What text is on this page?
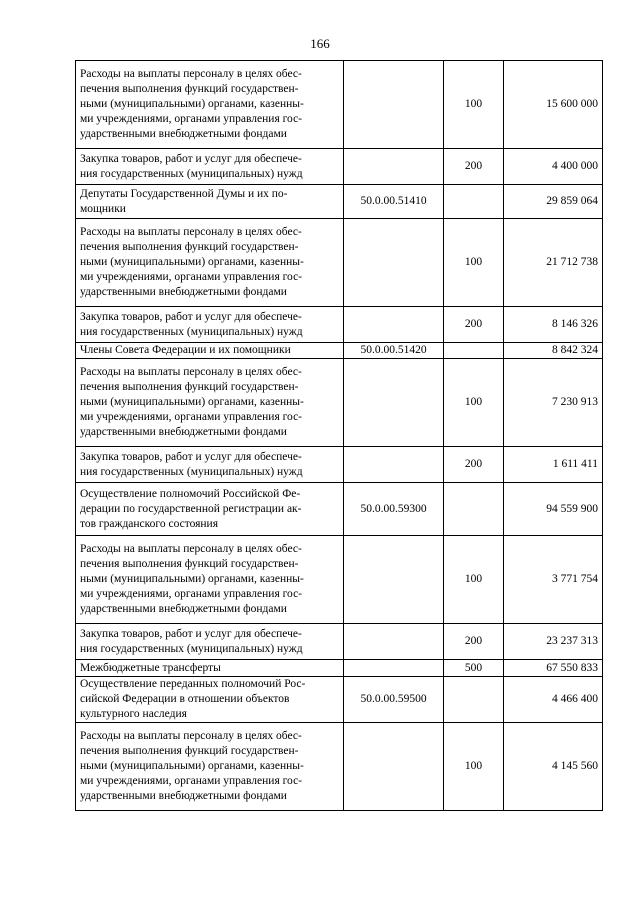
166
Расходы на выплаты персоналу в целях обес-
печения выполнения функций государствен-
ными (муниципальными) органами, казенны-
ми учреждениями, органами управления гос-
ударственными внебюджетными фондами		100	15 600 000
Закупка товаров, работ и услуг для обеспече-
ния государственных (муниципальных) нужд		200	4 400 000
Депутаты Государственной Думы и их по-
мощники	50.0.00.51410		29 859 064
Расходы на выплаты персоналу в целях обес-
печения выполнения функций государствен-
ными (муниципальными) органами, казенны-
ми учреждениями, органами управления гос-
ударственными внебюджетными фондами		100	21 712 738
Закупка товаров, работ и услуг для обеспече-
ния государственных (муниципальных) нужд		200	8 146 326
Члены Совета Федерации и их помощники	50.0.00.51420		8 842 324
Расходы на выплаты персоналу в целях обес-
печения выполнения функций государствен-
ными (муниципальными) органами, казенны-
ми учреждениями, органами управления гос-
ударственными внебюджетными фондами		100	7 230 913
Закупка товаров, работ и услуг для обеспече-
ния государственных (муниципальных) нужд		200	1 611 411
Осуществление полномочий Российской Фе-
дерации по государственной регистрации ак-
тов гражданского состояния	50.0.00.59300		94 559 900
Расходы на выплаты персоналу в целях обес-
печения выполнения функций государствен-
ными (муниципальными) органами, казенны-
ми учреждениями, органами управления гос-
ударственными внебюджетными фондами		100	3 771 754
Закупка товаров, работ и услуг для обеспече-
ния государственных (муниципальных) нужд		200	23 237 313
Межбюджетные трансферты		500	67 550 833
Осуществление переданных полномочий Рос-
сийской Федерации в отношении объектов
культурного наследия	50.0.00.59500		4 466 400
Расходы на выплаты персоналу в целях обес-
печения выполнения функций государствен-
ными (муниципальными) органами, казенны-
ми учреждениями, органами управления гос-
ударственными внебюджетными фондами		100	4 145 560
